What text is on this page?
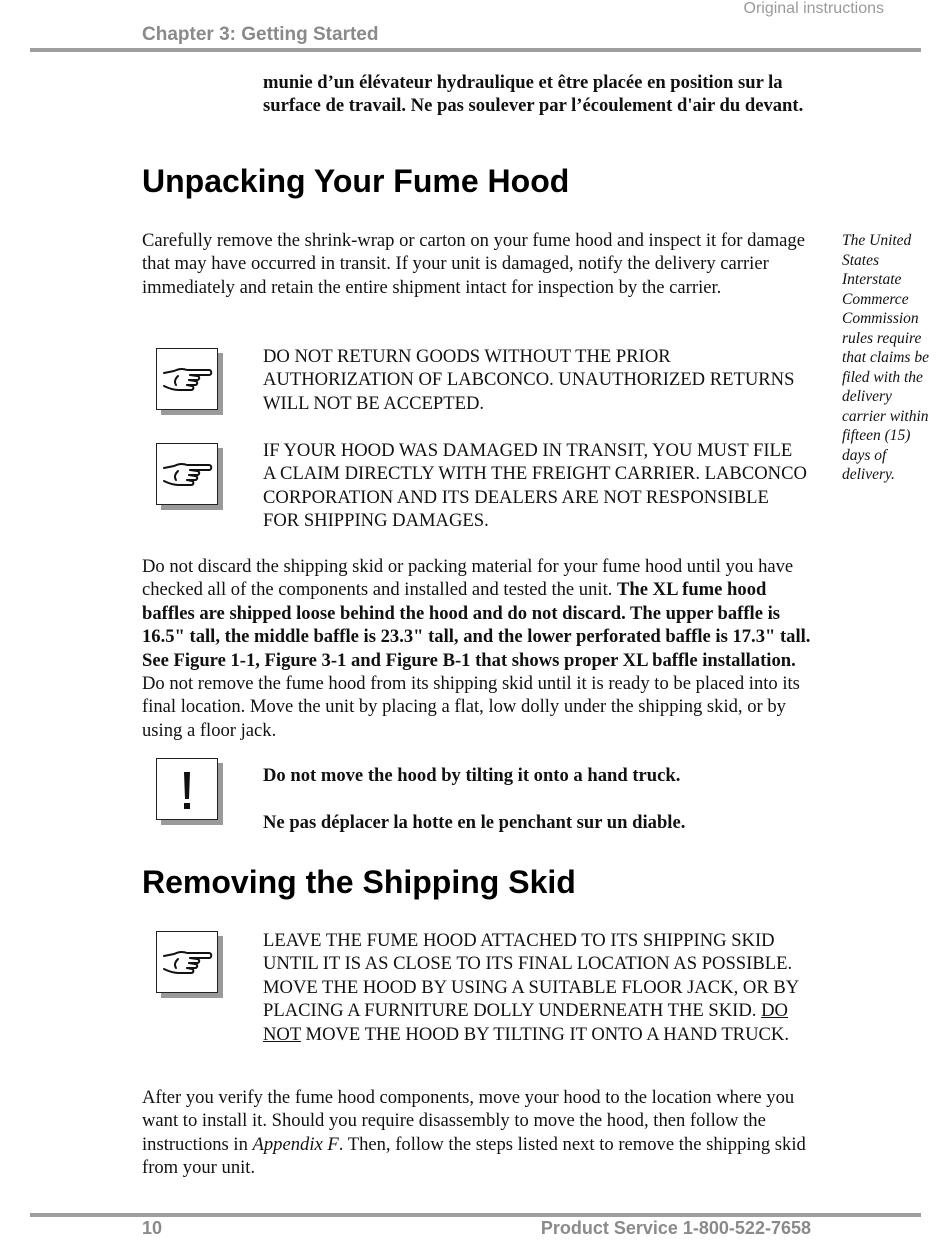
Original instructions
Chapter 3: Getting Started
munie d’un élévateur hydraulique et être placée en position sur la surface de travail. Ne pas soulever par l’écoulement d'air du devant.
Unpacking Your Fume Hood
Carefully remove the shrink-wrap or carton on your fume hood and inspect it for damage that may have occurred in transit. If your unit is damaged, notify the delivery carrier immediately and retain the entire shipment intact for inspection by the carrier.
The United States Interstate Commerce Commission rules require that claims be filed with the delivery carrier within fifteen (15) days of delivery.
DO NOT RETURN GOODS WITHOUT THE PRIOR AUTHORIZATION OF LABCONCO. UNAUTHORIZED RETURNS WILL NOT BE ACCEPTED.
IF YOUR HOOD WAS DAMAGED IN TRANSIT, YOU MUST FILE A CLAIM DIRECTLY WITH THE FREIGHT CARRIER. LABCONCO CORPORATION AND ITS DEALERS ARE NOT RESPONSIBLE FOR SHIPPING DAMAGES.
Do not discard the shipping skid or packing material for your fume hood until you have checked all of the components and installed and tested the unit. The XL fume hood baffles are shipped loose behind the hood and do not discard. The upper baffle is 16.5" tall, the middle baffle is 23.3" tall, and the lower perforated baffle is 17.3" tall. See Figure 1-1, Figure 3-1 and Figure B-1 that shows proper XL baffle installation. Do not remove the fume hood from its shipping skid until it is ready to be placed into its final location. Move the unit by placing a flat, low dolly under the shipping skid, or by using a floor jack.
Do not move the hood by tilting it onto a hand truck.
Ne pas déplacer la hotte en le penchant sur un diable.
Removing the Shipping Skid
LEAVE THE FUME HOOD ATTACHED TO ITS SHIPPING SKID UNTIL IT IS AS CLOSE TO ITS FINAL LOCATION AS POSSIBLE. MOVE THE HOOD BY USING A SUITABLE FLOOR JACK, OR BY PLACING A FURNITURE DOLLY UNDERNEATH THE SKID. DO NOT MOVE THE HOOD BY TILTING IT ONTO A HAND TRUCK.
After you verify the fume hood components, move your hood to the location where you want to install it. Should you require disassembly to move the hood, then follow the instructions in Appendix F. Then, follow the steps listed next to remove the shipping skid from your unit.
10	Product Service 1-800-522-7658
